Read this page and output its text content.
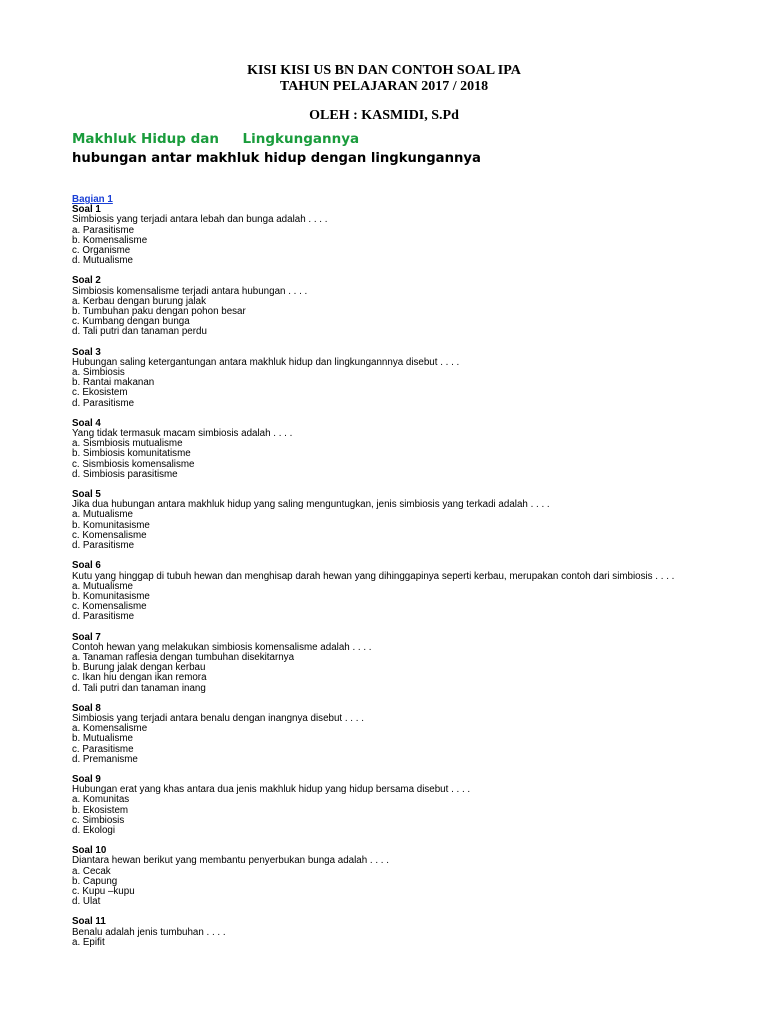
KISI KISI US BN DAN CONTOH SOAL IPA
TAHUN PELAJARAN 2017 / 2018
OLEH : KASMIDI, S.Pd
Makhluk Hidup dan     Lingkungannya
hubungan antar makhluk hidup dengan lingkungannya
Bagian 1
Soal 1
Simbiosis yang terjadi antara lebah dan bunga adalah . . . .
a. Parasitisme
b. Komensalisme
c. Organisme
d. Mutualisme
Soal 2
Simbiosis komensalisme terjadi antara hubungan . . . .
a. Kerbau dengan burung jalak
b. Tumbuhan paku dengan pohon besar
c. Kumbang dengan bunga
d. Tali putri dan tanaman perdu
Soal 3
Hubungan saling ketergantungan antara makhluk hidup dan lingkungannnya disebut . . . .
a. Simbiosis
b. Rantai makanan
c. Ekosistem
d. Parasitisme
Soal 4
Yang tidak termasuk macam simbiosis adalah . . . .
a. Sismbiosis mutualisme
b. Simbiosis komunitatisme
c. Sismbiosis komensalisme
d. Simbiosis parasitisme
Soal 5
Jika dua hubungan antara makhluk hidup yang saling menguntugkan, jenis simbiosis yang terkadi adalah . . . .
a. Mutualisme
b. Komunitasisme
c. Komensalisme
d. Parasitisme
Soal 6
Kutu yang hinggap di tubuh hewan dan menghisap darah hewan yang dihinggapinya seperti kerbau, merupakan contoh dari simbiosis . . . .
a. Mutualisme
b. Komunitasisme
c. Komensalisme
d. Parasitisme
Soal 7
Contoh hewan yang melakukan simbiosis komensalisme adalah . . . .
a. Tanaman raflesia dengan tumbuhan disekitarnya
b. Burung jalak dengan kerbau
c. Ikan hiu dengan ikan remora
d. Tali putri dan tanaman inang
Soal 8
Simbiosis yang terjadi antara benalu dengan inangnya disebut . . . .
a. Komensalisme
b. Mutualisme
c. Parasitisme
d. Premanisme
Soal 9
Hubungan erat yang khas antara dua jenis makhluk hidup yang hidup bersama disebut . . . .
a. Komunitas
b. Ekosistem
c. Simbiosis
d. Ekologi
Soal 10
Diantara hewan berikut yang membantu penyerbukan bunga adalah . . . .
a. Cecak
b. Capung
c. Kupu –kupu
d. Ulat
Soal 11
Benalu adalah jenis tumbuhan . . . .
a. Epifit
